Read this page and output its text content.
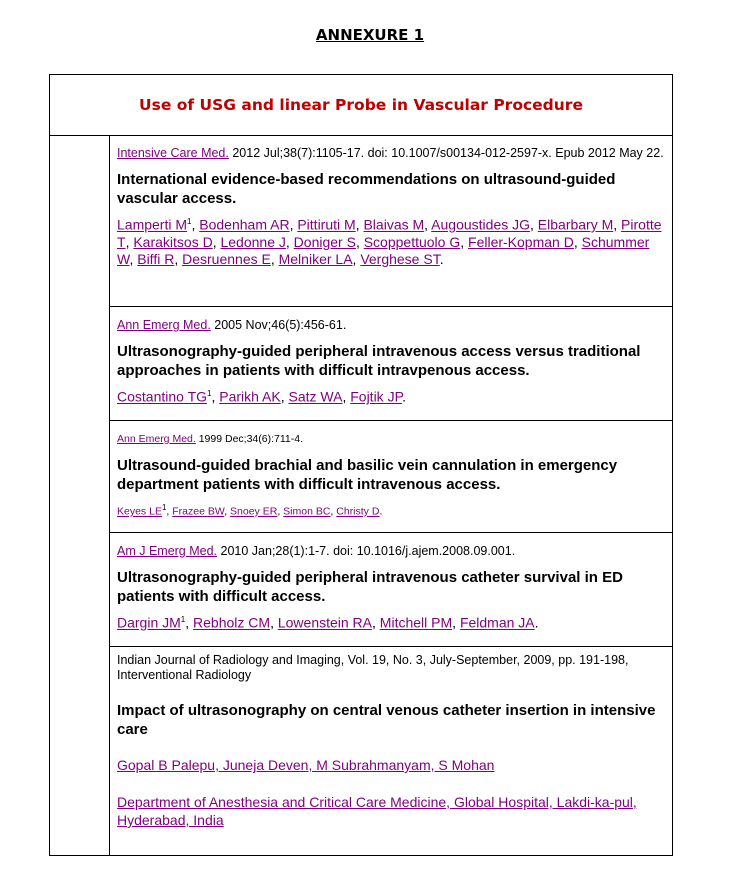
ANNEXURE 1
Use of USG and linear Probe in Vascular Procedure
Intensive Care Med. 2012 Jul;38(7):1105-17. doi: 10.1007/s00134-012-2597-x. Epub 2012 May 22.
International evidence-based recommendations on ultrasound-guided vascular access.
Lamperti $M^1$, Bodenham AR, Pittiruti M, Blaivas M, Augoustides JG, Elbarbary M, Pirotte T, Karakitsos D, Ledonne J, Doniger S, Scoppettuolo G, Feller-Kopman D, Schummer W, Biffi R, Desruennes E, Melniker LA, Verghese ST.
Ann Emerg Med. 2005 Nov;46(5):456-61.
Ultrasonography-guided peripheral intravenous access versus traditional approaches in patients with difficult intravpenous access.
Costantino $TG^1$, Parikh AK, Satz WA, Fojtik JP.
Ann Emerg Med. 1999 Dec;34(6):711-4.
Ultrasound-guided brachial and basilic vein cannulation in emergency department patients with difficult intravenous access.
Keyes $LE^1$, Frazee BW, Snoey ER, Simon BC, Christy D.
Am J Emerg Med. 2010 Jan;28(1):1-7. doi: 10.1016/j.ajem.2008.09.001.
Ultrasonography-guided peripheral intravenous catheter survival in ED patients with difficult access.
Dargin $JM^1$, Rebholz CM, Lowenstein RA, Mitchell PM, Feldman JA.
Indian Journal of Radiology and Imaging, Vol. 19, No. 3, July-September, 2009, pp. 191-198, Interventional Radiology
Impact of ultrasonography on central venous catheter insertion in intensive care
Gopal B Palepu, Juneja Deven, M Subrahmanyam, S Mohan
Department of Anesthesia and Critical Care Medicine, Global Hospital, Lakdi-ka-pul, Hyderabad, India
